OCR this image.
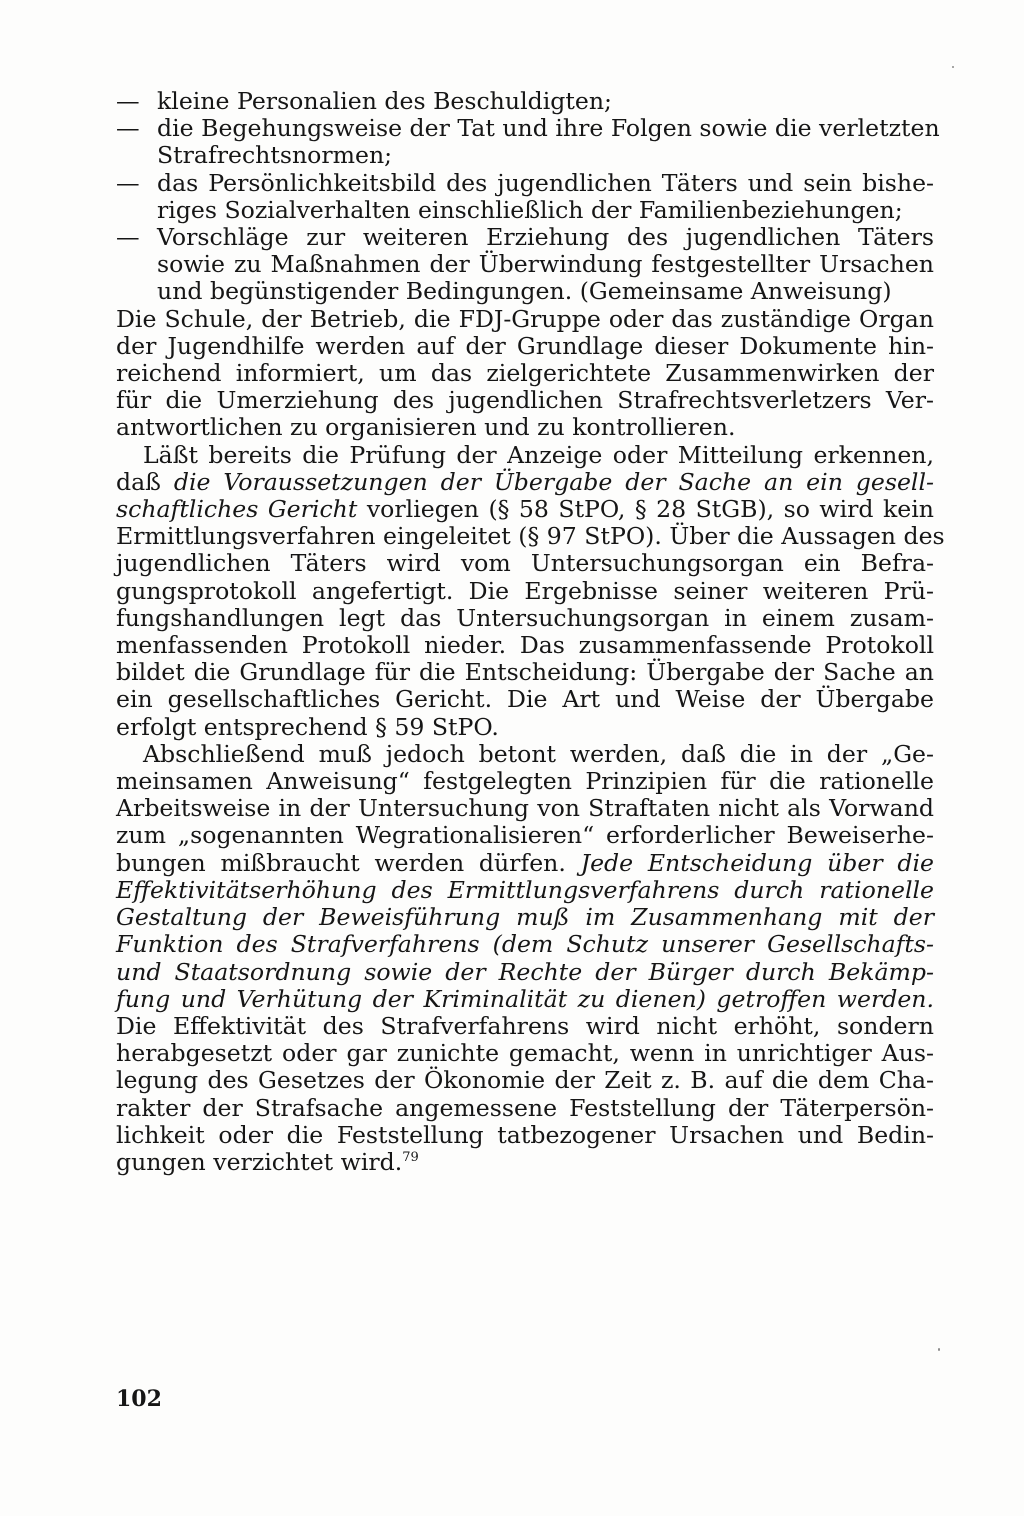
— kleine Personalien des Beschuldigten;
— die Begehungsweise der Tat und ihre Folgen sowie die verletzten
Strafrechtsnormen;
— das Persönlichkeitsbild des jugendlichen Täters und sein bishe-
riges Sozialverhalten einschließlich der Familienbeziehungen;
— Vorschläge zur weiteren Erziehung des jugendlichen Täters
sowie zu Maßnahmen der Überwindung festgestellter Ursachen
und begünstigender Bedingungen. (Gemeinsame Anweisung)
Die Schule, der Betrieb, die FDJ-Gruppe oder das zuständige Organ
der Jugendhilfe werden auf der Grundlage dieser Dokumente hin-
reichend informiert, um das zielgerichtete Zusammenwirken der
für die Umerziehung des jugendlichen Strafrechtsverletzers Ver-
antwortlichen zu organisieren und zu kontrollieren.
Läßt bereits die Prüfung der Anzeige oder Mitteilung erkennen,
daß die Voraussetzungen der Übergabe der Sache an ein gesell-
schaftliches Gericht vorliegen (§ 58 StPO, § 28 StGB), so wird kein
Ermittlungsverfahren eingeleitet (§ 97 StPO). Über die Aussagen des
jugendlichen Täters wird vom Untersuchungsorgan ein Befra-
gungsprotokoll angefertigt. Die Ergebnisse seiner weiteren Prü-
fungshandlungen legt das Untersuchungsorgan in einem zusam-
menfassenden Protokoll nieder. Das zusammenfassende Protokoll
bildet die Grundlage für die Entscheidung: Übergabe der Sache an
ein gesellschaftliches Gericht. Die Art und Weise der Übergabe
erfolgt entsprechend § 59 StPO.
Abschließend muß jedoch betont werden, daß die in der „Ge-
meinsamen Anweisung“ festgelegten Prinzipien für die rationelle
Arbeitsweise in der Untersuchung von Straftaten nicht als Vorwand
zum „sogenannten Wegrationalisieren“ erforderlicher Beweiserhe-
bungen mißbraucht werden dürfen. Jede Entscheidung über die
Effektivitätserhöhung des Ermittlungsverfahrens durch rationelle
Gestaltung der Beweisführung muß im Zusammenhang mit der
Funktion des Strafverfahrens (dem Schutz unserer Gesellschafts-
und Staatsordnung sowie der Rechte der Bürger durch Bekämp-
fung und Verhütung der Kriminalität zu dienen) getroffen werden.
Die Effektivität des Strafverfahrens wird nicht erhöht, sondern
herabgesetzt oder gar zunichte gemacht, wenn in unrichtiger Aus-
legung des Gesetzes der Ökonomie der Zeit z. B. auf die dem Cha-
rakter der Strafsache angemessene Feststellung der Täterpersön-
lichkeit oder die Feststellung tatbezogener Ursachen und Bedin-
gungen verzichtet wird.$^{79}$
102
